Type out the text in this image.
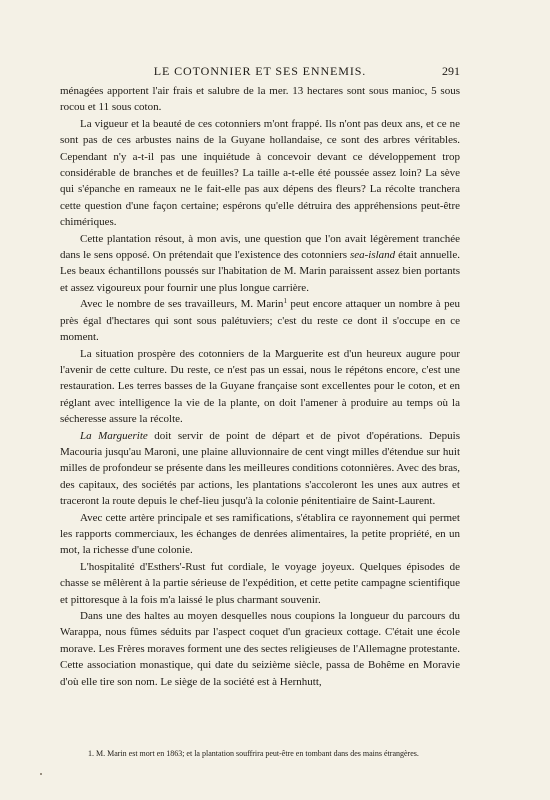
LE COTONNIER ET SES ENNEMIS.	291

ménagées apportent l'air frais et salubre de la mer. 13 hectares sont sous manioc, 5 sous rocou et 11 sous coton.

La vigueur et la beauté de ces cotonniers m'ont frappé. Ils n'ont pas deux ans, et ce ne sont pas de ces arbustes nains de la Guyane hollandaise, ce sont des arbres véritables. Cependant n'y a-t-il pas une inquiétude à concevoir devant ce développement trop considérable de branches et de feuilles? La taille a-t-elle été poussée assez loin? La sève qui s'épanche en rameaux ne le fait-elle pas aux dépens des fleurs? La récolte tranchera cette question d'une façon certaine; espérons qu'elle détruira des appréhensions peut-être chimériques.

Cette plantation résout, à mon avis, une question que l'on avait légèrement tranchée dans le sens opposé. On prétendait que l'existence des cotonniers sea-island était annuelle. Les beaux échantillons poussés sur l'habitation de M. Marin paraissent assez bien portants et assez vigoureux pour fournir une plus longue carrière.

Avec le nombre de ses travailleurs, M. Marin$^1$ peut encore attaquer un nombre à peu près égal d'hectares qui sont sous palétuviers; c'est du reste ce dont il s'occupe en ce moment.

La situation prospère des cotonniers de la Marguerite est d'un heureux augure pour l'avenir de cette culture. Du reste, ce n'est pas un essai, nous le répétons encore, c'est une restauration. Les terres basses de la Guyane française sont excellentes pour le coton, et en réglant avec intelligence la vie de la plante, on doit l'amener à produire au temps où la sécheresse assure la récolte.

La Marguerite doit servir de point de départ et de pivot d'opérations. Depuis Macouria jusqu'au Maroni, une plaine alluvionnaire de cent vingt milles d'étendue sur huit milles de profondeur se présente dans les meilleures conditions cotonnières. Avec des bras, des capitaux, des sociétés par actions, les plantations s'accoleront les unes aux autres et traceront la route depuis le chef-lieu jusqu'à la colonie pénitentiaire de Saint-Laurent.

Avec cette artère principale et ses ramifications, s'établira ce rayonnement qui permet les rapports commerciaux, les échanges de denrées alimentaires, la petite propriété, en un mot, la richesse d'une colonie.

L'hospitalité d'Esthers'-Rust fut cordiale, le voyage joyeux. Quelques épisodes de chasse se mêlèrent à la partie sérieuse de l'expédition, et cette petite campagne scientifique et pittoresque à la fois m'a laissé le plus charmant souvenir.

Dans une des haltes au moyen desquelles nous coupions la longueur du parcours du Warappa, nous fûmes séduits par l'aspect coquet d'un gracieux cottage. C'était une école morave. Les Frères moraves forment une des sectes religieuses de l'Allemagne protestante. Cette association monastique, qui date du seizième siècle, passa de Bohême en Moravie d'où elle tire son nom. Le siège de la société est à Hernhutt,

1. M. Marin est mort en 1863; et la plantation souffrira peut-être en tombant dans des mains étrangères.
